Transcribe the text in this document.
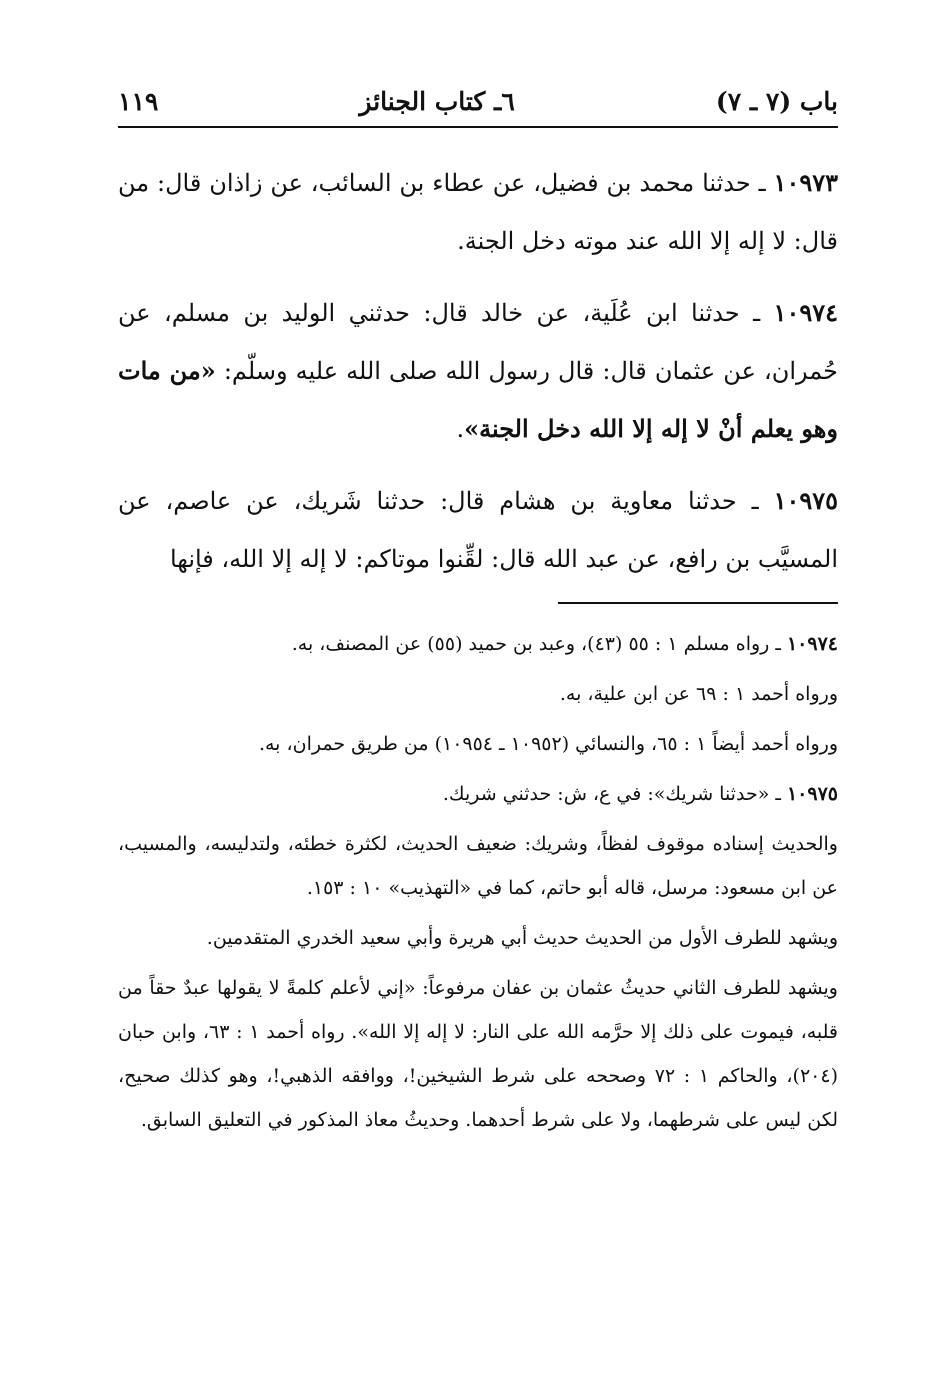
باب (٧ ـ ٧)
٦ـ كتاب الجنائز
١١٩

١٠٩٧٣ ـ حدثنا محمد بن فضيل، عن عطاء بن السائب، عن زاذان قال: من قال: لا إله إلا الله عند موته دخل الجنة.

١٠٩٧٤ ـ حدثنا ابن عُلَية، عن خالد قال: حدثني الوليد بن مسلم، عن حُمران، عن عثمان قال: قال رسول الله صلى الله عليه وسلّم: «من مات وهو يعلم أنْ لا إله إلا الله دخل الجنة».

١٠٩٧٥ ـ حدثنا معاوية بن هشام قال: حدثنا شَريك، عن عاصم، عن المسيَّب بن رافع، عن عبد الله قال: لقِّنوا موتاكم: لا إله إلا الله، فإنها

١٠٩٧٤ ـ رواه مسلم ١ : ٥٥ (٤٣)، وعبد بن حميد (٥٥) عن المصنف، به.

ورواه أحمد ١ : ٦٩ عن ابن علية، به.

ورواه أحمد أيضاً ١ : ٦٥، والنسائي (١٠٩٥٢ ـ ١٠٩٥٤) من طريق حمران، به.

١٠٩٧٥ ـ «حدثنا شريك»: في ع، ش: حدثني شريك.

والحديث إسناده موقوف لفظاً، وشريك: ضعيف الحديث، لكثرة خطئه، ولتدليسه، والمسيب، عن ابن مسعود: مرسل، قاله أبو حاتم، كما في «التهذيب» ١٠ : ١٥٣.

ويشهد للطرف الأول من الحديث حديث أبي هريرة وأبي سعيد الخدري المتقدمين.

ويشهد للطرف الثاني حديثُ عثمان بن عفان مرفوعاً: «إني لأعلم كلمةً لا يقولها عبدٌ حقاً من قلبه، فيموت على ذلك إلا حرَّمه الله على النار: لا إله إلا الله». رواه أحمد ١ : ٦٣، وابن حبان (٢٠٤)، والحاكم ١ : ٧٢ وصححه على شرط الشيخين!، ووافقه الذهبي!، وهو كذلك صحيح، لكن ليس على شرطهما، ولا على شرط أحدهما. وحديثُ معاذ المذكور في التعليق السابق.
